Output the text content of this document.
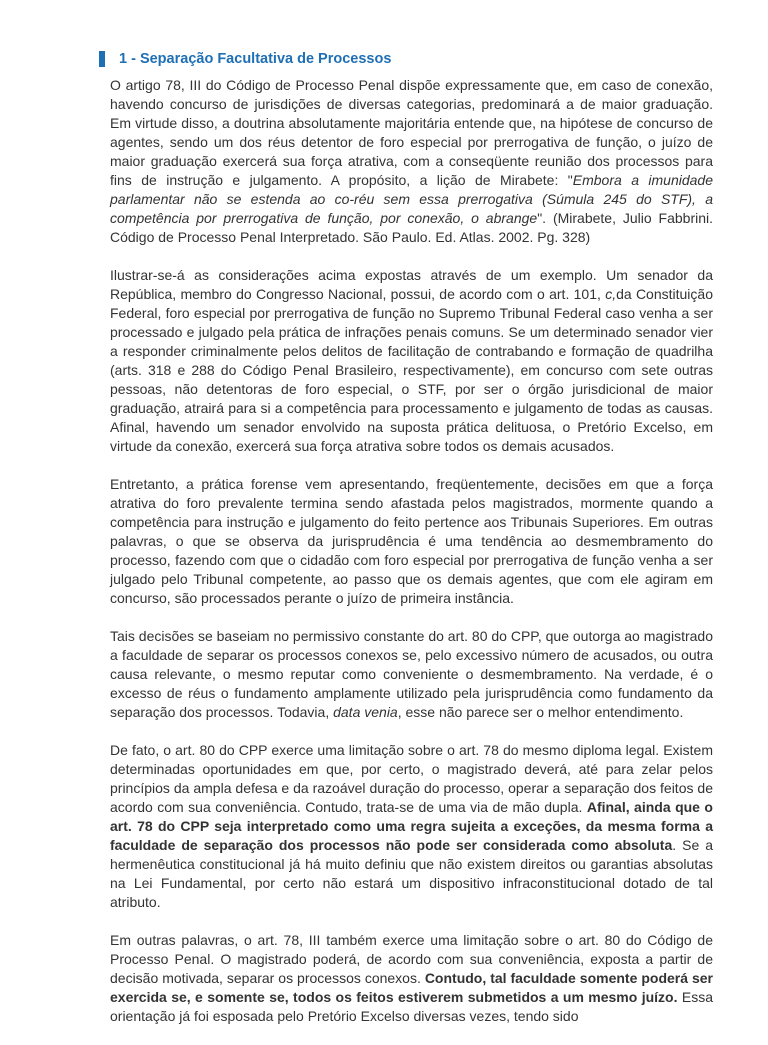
1 - Separação Facultativa de Processos

O artigo 78, III do Código de Processo Penal dispõe expressamente que, em caso de conexão, havendo concurso de jurisdições de diversas categorias, predominará a de maior graduação. Em virtude disso, a doutrina absolutamente majoritária entende que, na hipótese de concurso de agentes, sendo um dos réus detentor de foro especial por prerrogativa de função, o juízo de maior graduação exercerá sua força atrativa, com a conseqüente reunião dos processos para fins de instrução e julgamento. A propósito, a lição de Mirabete: "Embora a imunidade parlamentar não se estenda ao co-réu sem essa prerrogativa (Súmula 245 do STF), a competência por prerrogativa de função, por conexão, o abrange". (Mirabete, Julio Fabbrini. Código de Processo Penal Interpretado. São Paulo. Ed. Atlas. 2002. Pg. 328)

Ilustrar-se-á as considerações acima expostas através de um exemplo. Um senador da República, membro do Congresso Nacional, possui, de acordo com o art. 101, c,da Constituição Federal, foro especial por prerrogativa de função no Supremo Tribunal Federal caso venha a ser processado e julgado pela prática de infrações penais comuns. Se um determinado senador vier a responder criminalmente pelos delitos de facilitação de contrabando e formação de quadrilha (arts. 318 e 288 do Código Penal Brasileiro, respectivamente), em concurso com sete outras pessoas, não detentoras de foro especial, o STF, por ser o órgão jurisdicional de maior graduação, atrairá para si a competência para processamento e julgamento de todas as causas. Afinal, havendo um senador envolvido na suposta prática delituosa, o Pretório Excelso, em virtude da conexão, exercerá sua força atrativa sobre todos os demais acusados.

Entretanto, a prática forense vem apresentando, freqüentemente, decisões em que a força atrativa do foro prevalente termina sendo afastada pelos magistrados, mormente quando a competência para instrução e julgamento do feito pertence aos Tribunais Superiores. Em outras palavras, o que se observa da jurisprudência é uma tendência ao desmembramento do processo, fazendo com que o cidadão com foro especial por prerrogativa de função venha a ser julgado pelo Tribunal competente, ao passo que os demais agentes, que com ele agiram em concurso, são processados perante o juízo de primeira instância.

Tais decisões se baseiam no permissivo constante do art. 80 do CPP, que outorga ao magistrado a faculdade de separar os processos conexos se, pelo excessivo número de acusados, ou outra causa relevante, o mesmo reputar como conveniente o desmembramento. Na verdade, é o excesso de réus o fundamento amplamente utilizado pela jurisprudência como fundamento da separação dos processos. Todavia, data venia, esse não parece ser o melhor entendimento.

De fato, o art. 80 do CPP exerce uma limitação sobre o art. 78 do mesmo diploma legal. Existem determinadas oportunidades em que, por certo, o magistrado deverá, até para zelar pelos princípios da ampla defesa e da razoável duração do processo, operar a separação dos feitos de acordo com sua conveniência. Contudo, trata-se de uma via de mão dupla. Afinal, ainda que o art. 78 do CPP seja interpretado como uma regra sujeita a exceções, da mesma forma a faculdade de separação dos processos não pode ser considerada como absoluta. Se a hermenêutica constitucional já há muito definiu que não existem direitos ou garantias absolutas na Lei Fundamental, por certo não estará um dispositivo infraconstitucional dotado de tal atributo.

Em outras palavras, o art. 78, III também exerce uma limitação sobre o art. 80 do Código de Processo Penal. O magistrado poderá, de acordo com sua conveniência, exposta a partir de decisão motivada, separar os processos conexos. Contudo, tal faculdade somente poderá ser exercida se, e somente se, todos os feitos estiverem submetidos a um mesmo juízo. Essa orientação já foi esposada pelo Pretório Excelso diversas vezes, tendo sido
